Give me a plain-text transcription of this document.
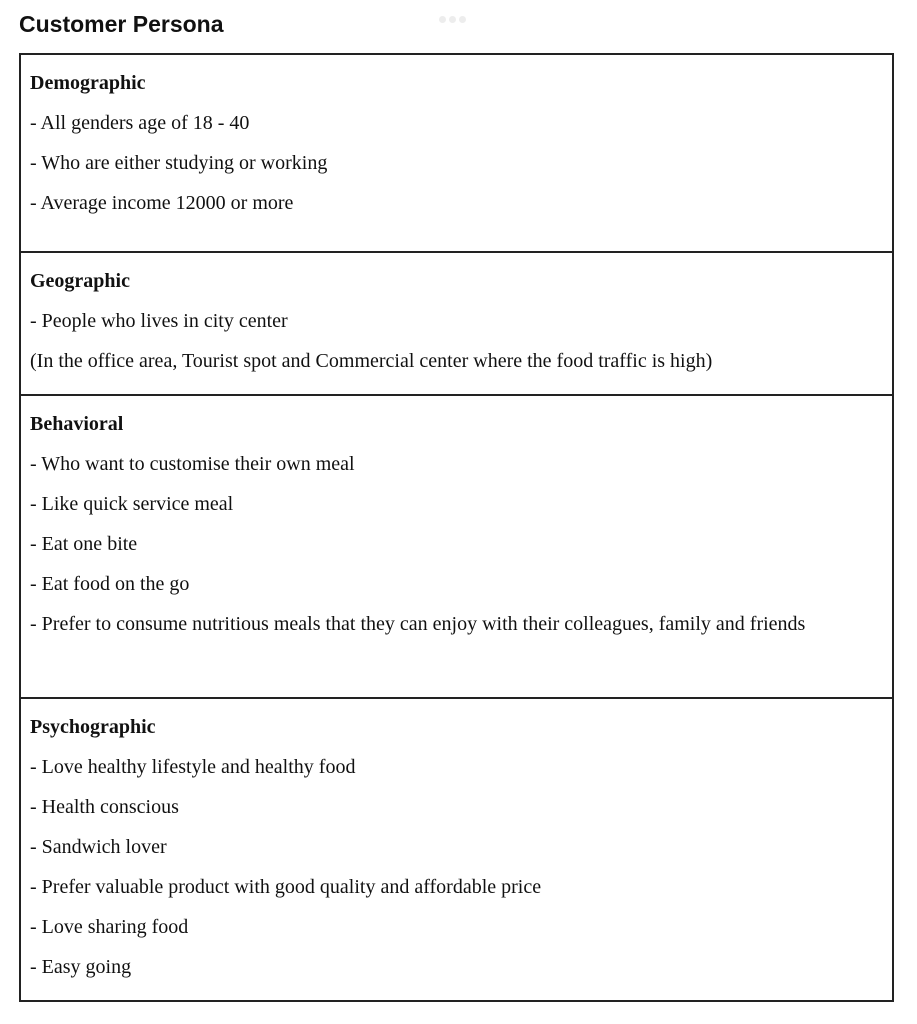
Customer Persona

Demographic

- All genders age of 18 - 40

- Who are either studying or working

- Average income 12000 or more

Geographic

- People who lives in city center

(In the office area, Tourist spot and Commercial center where the food traffic is high)

Behavioral

- Who want to customise their own meal

- Like quick service meal

- Eat one bite

- Eat food on the go

- Prefer to consume nutritious meals that they can enjoy with their colleagues, family and friends

Psychographic

- Love healthy lifestyle and healthy food

- Health conscious

- Sandwich lover

- Prefer valuable product with good quality and affordable price

- Love sharing food

- Easy going
